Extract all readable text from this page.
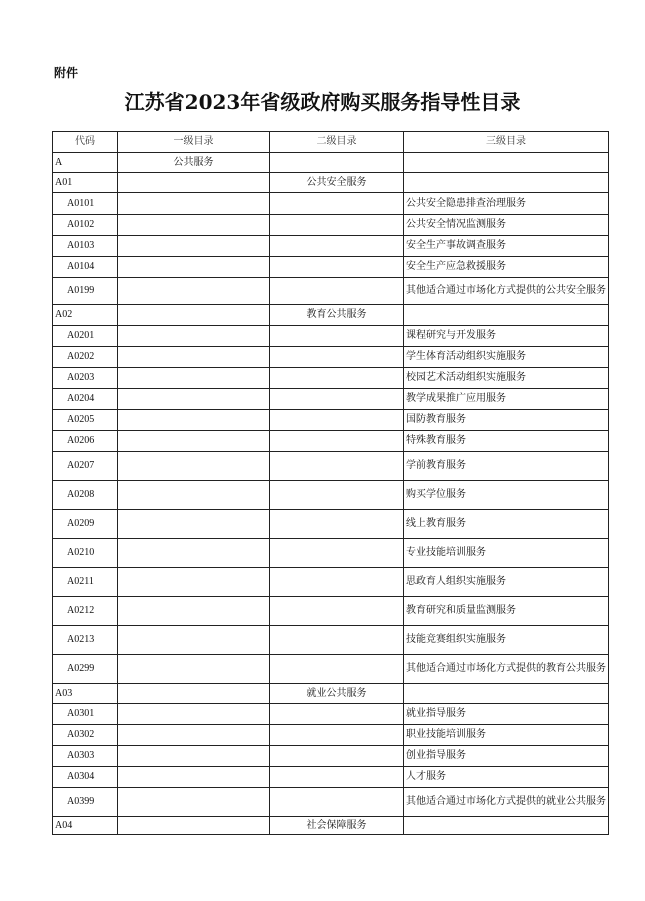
附件
江苏省2023年省级政府购买服务指导性目录
代码	一级目录	二级目录	三级目录
A	公共服务		
A01		公共安全服务	
A0101			公共安全隐患排查治理服务
A0102			公共安全情况监测服务
A0103			安全生产事故调查服务
A0104			安全生产应急救援服务
A0199			其他适合通过市场化方式提供的公共安全服务
A02		教育公共服务	
A0201			课程研究与开发服务
A0202			学生体育活动组织实施服务
A0203			校园艺术活动组织实施服务
A0204			教学成果推广应用服务
A0205			国防教育服务
A0206			特殊教育服务
A0207			学前教育服务
A0208			购买学位服务
A0209			线上教育服务
A0210			专业技能培训服务
A0211			思政育人组织实施服务
A0212			教育研究和质量监测服务
A0213			技能竞赛组织实施服务
A0299			其他适合通过市场化方式提供的教育公共服务
A03		就业公共服务	
A0301			就业指导服务
A0302			职业技能培训服务
A0303			创业指导服务
A0304			人才服务
A0399			其他适合通过市场化方式提供的就业公共服务
A04		社会保障服务	
